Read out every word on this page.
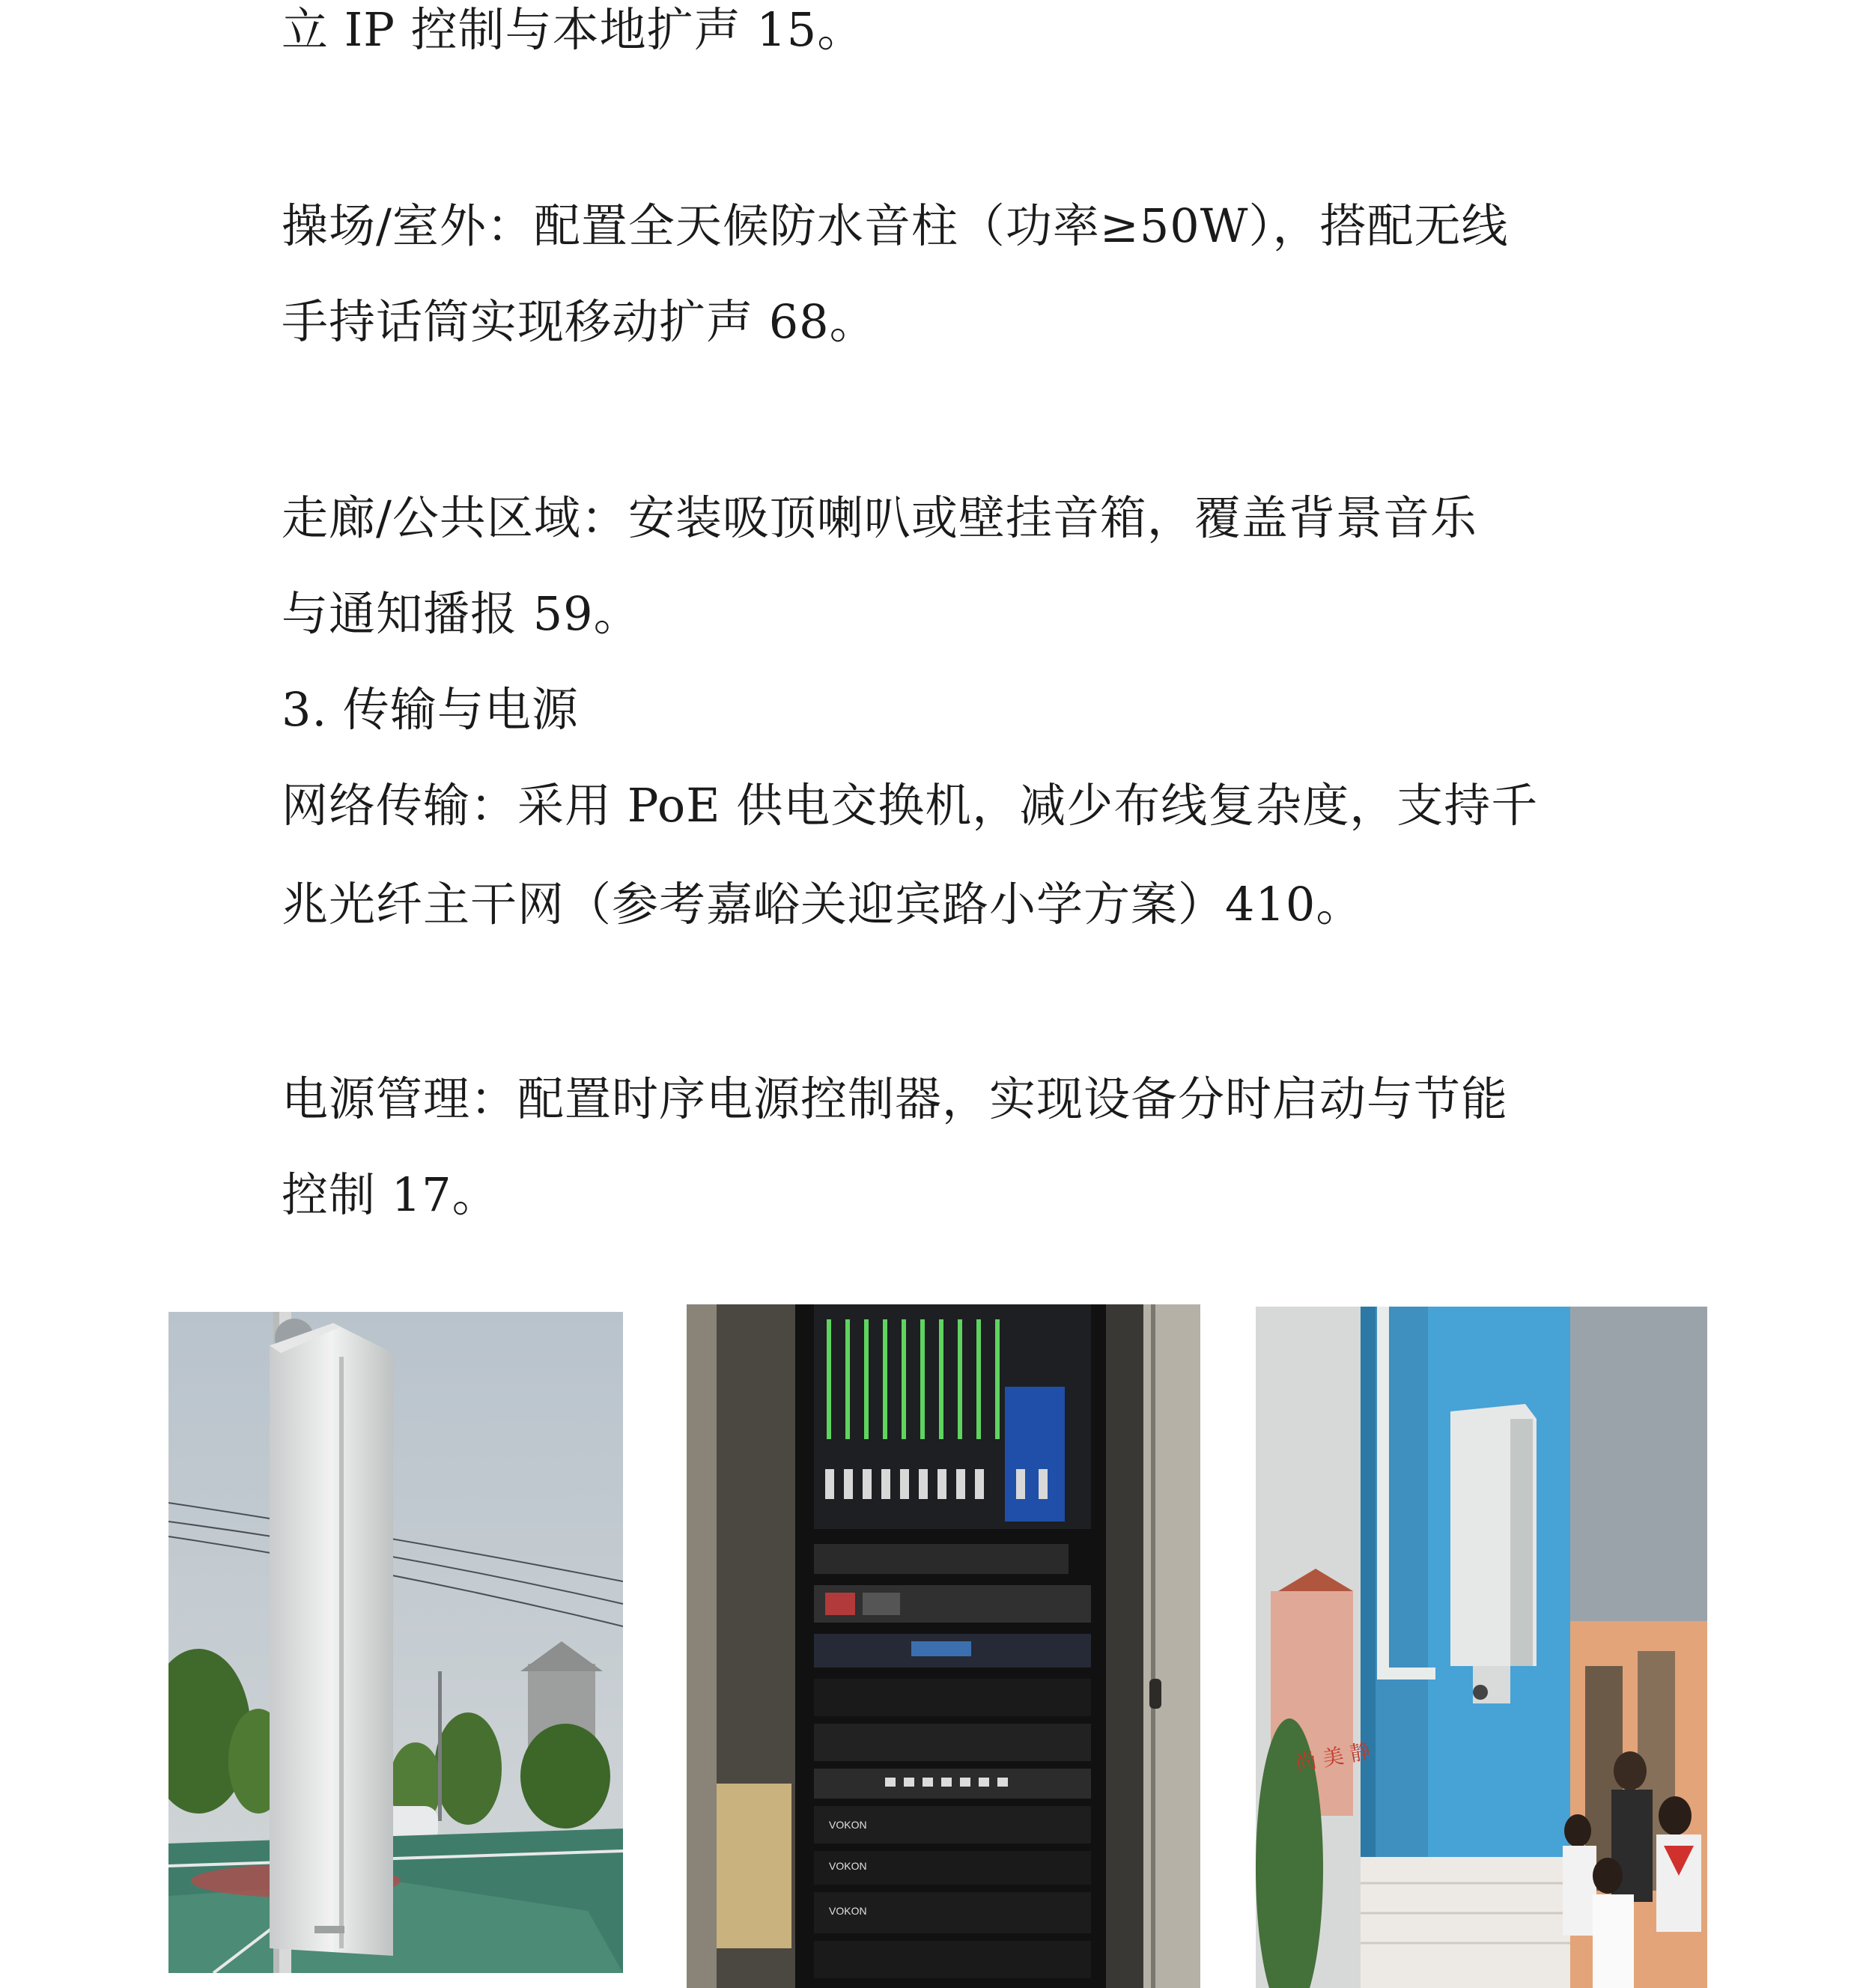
立 IP 控制与本地扩声 15。
操场/室外：配置全天候防水音柱（功率≥50W），搭配无线
手持话筒实现移动扩声 68。
走廊/公共区域：安装吸顶喇叭或壁挂音箱，覆盖背景音乐
与通知播报 59。
3. 传输与电源
网络传输：采用 PoE 供电交换机，减少布线复杂度，支持千
兆光纤主干网（参考嘉峪关迎宾路小学方案）410。
电源管理：配置时序电源控制器，实现设备分时启动与节能
控制 17。
VOKON
VOKON
VOKON
尚 美 静
